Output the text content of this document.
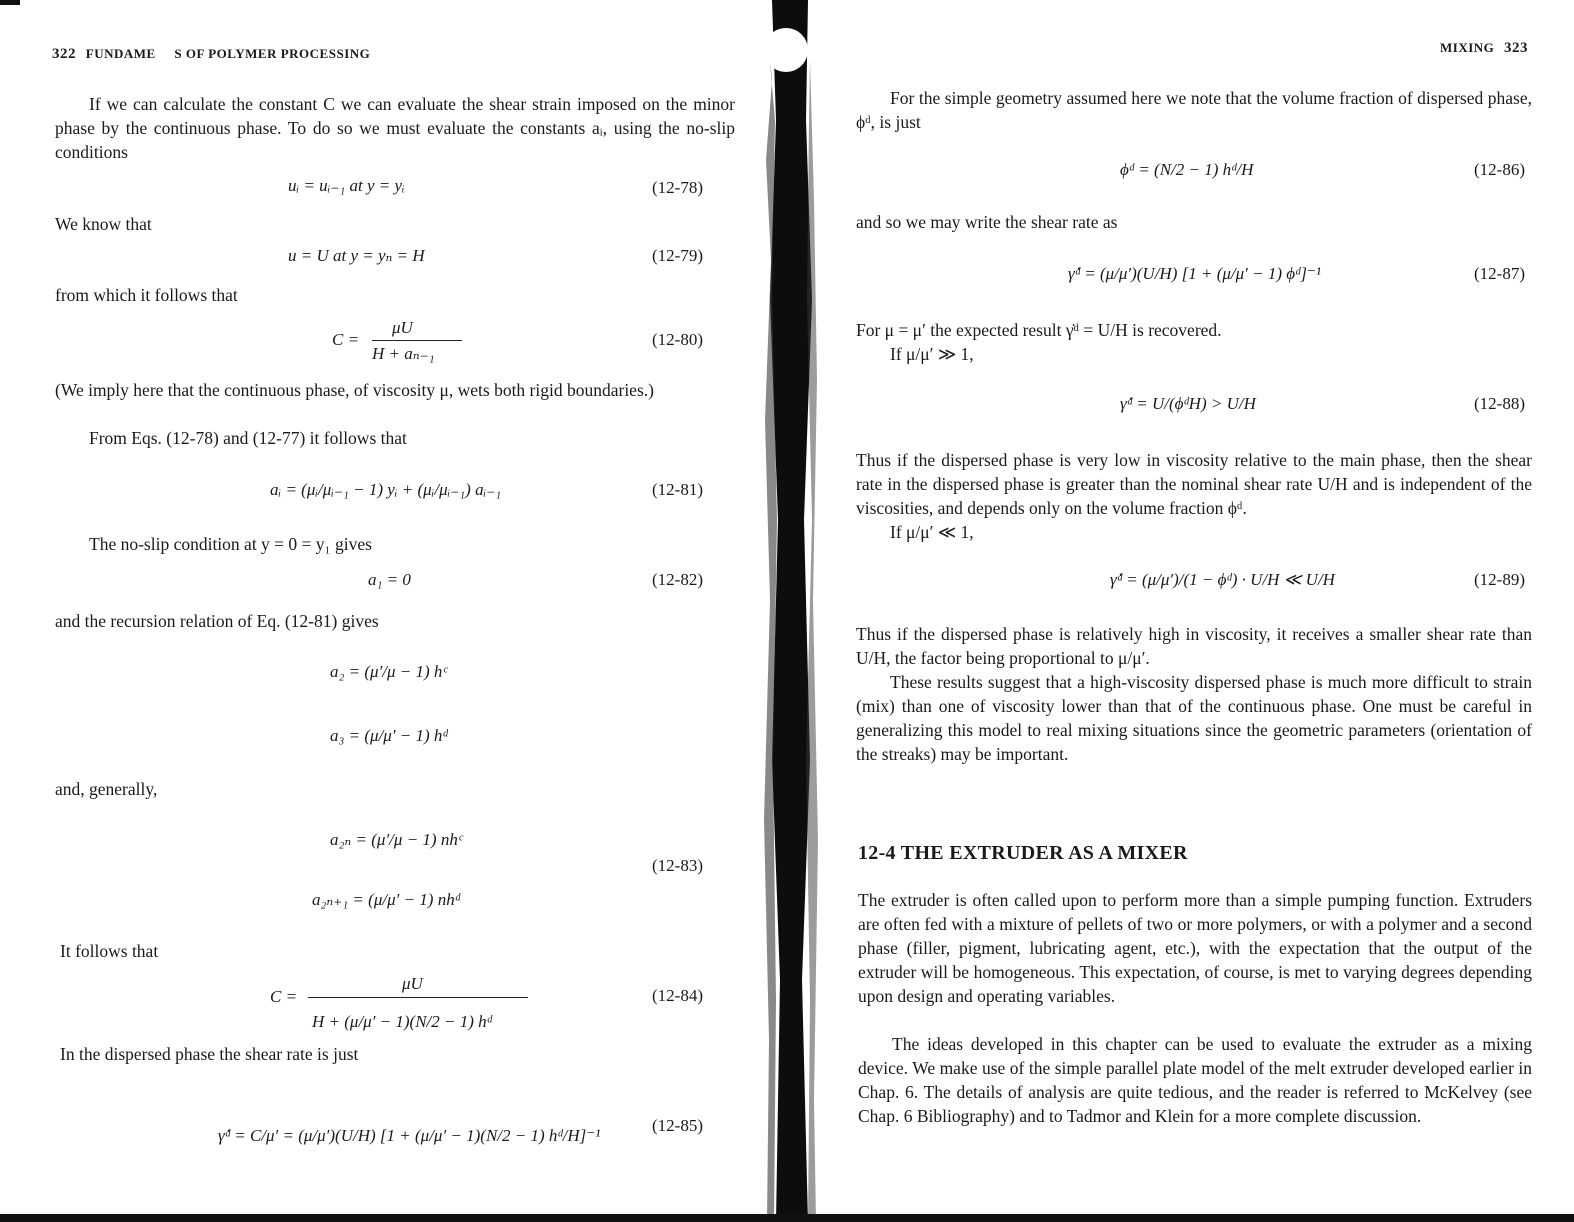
322 FUNDAME     S OF POLYMER PROCESSING
If we can calculate the constant C we can evaluate the shear strain imposed on the minor phase by the continuous phase. To do so we must evaluate the constants aᵢ, using the no-slip conditions
uᵢ = uᵢ₋₁ at y = yᵢ	(12-78)
We know that
u = U at y = yₙ = H	(12-79)
from which it follows that
C =
μU
H + aₙ₋₁
(12-80)
(We imply here that the continuous phase, of viscosity μ, wets both rigid boundaries.)
From Eqs. (12-78) and (12-77) it follows that
aᵢ = (μᵢ/μᵢ₋₁ − 1) yᵢ + (μᵢ/μᵢ₋₁) aᵢ₋₁	(12-81)
The no-slip condition at y = 0 = y₁ gives
a₁ = 0	(12-82)
and the recursion relation of Eq. (12-81) gives
a₂ = (μ′/μ − 1) hᶜ
a₃ = (μ/μ′ − 1) hᵈ
and, generally,
a₂ₙ = (μ′/μ − 1) nhᶜ
a₂ₙ₊₁ = (μ/μ′ − 1) nhᵈ
(12-83)
It follows that
C =
μU
H + (μ/μ′ − 1)(N/2 − 1) hᵈ
(12-84)
In the dispersed phase the shear rate is just
γ̇ᵈ = C/μ′ = (μ/μ′)(U/H) [1 + (μ/μ′ − 1)(N/2 − 1) hᵈ/H]⁻¹
(12-85)
MIXING 323
For the simple geometry assumed here we note that the volume fraction of dispersed phase, ϕᵈ, is just
ϕᵈ = (N/2 − 1) hᵈ/H	(12-86)
and so we may write the shear rate as
γ̇ᵈ = (μ/μ′)(U/H) [1 + (μ/μ′ − 1) ϕᵈ]⁻¹	(12-87)
For μ = μ′ the expected result γ̇ᵈ = U/H is recovered.
If μ/μ′ ≫ 1,
γ̇ᵈ = U/(ϕᵈH) > U/H	(12-88)
Thus if the dispersed phase is very low in viscosity relative to the main phase, then the shear rate in the dispersed phase is greater than the nominal shear rate U/H and is independent of the viscosities, and depends only on the volume fraction ϕᵈ.
If μ/μ′ ≪ 1,
γ̇ᵈ = (μ/μ′)/(1 − ϕᵈ) · U/H ≪ U/H	(12-89)
Thus if the dispersed phase is relatively high in viscosity, it receives a smaller shear rate than U/H, the factor being proportional to μ/μ′.
These results suggest that a high-viscosity dispersed phase is much more difficult to strain (mix) than one of viscosity lower than that of the continuous phase. One must be careful in generalizing this model to real mixing situations since the geometric parameters (orientation of the streaks) may be important.
12-4 THE EXTRUDER AS A MIXER
The extruder is often called upon to perform more than a simple pumping function. Extruders are often fed with a mixture of pellets of two or more polymers, or with a polymer and a second phase (filler, pigment, lubricating agent, etc.), with the expectation that the output of the extruder will be homogeneous. This expectation, of course, is met to varying degrees depending upon design and operating variables.
The ideas developed in this chapter can be used to evaluate the extruder as a mixing device. We make use of the simple parallel plate model of the melt extruder developed earlier in Chap. 6. The details of analysis are quite tedious, and the reader is referred to McKelvey (see Chap. 6 Bibliography) and to Tadmor and Klein for a more complete discussion.
